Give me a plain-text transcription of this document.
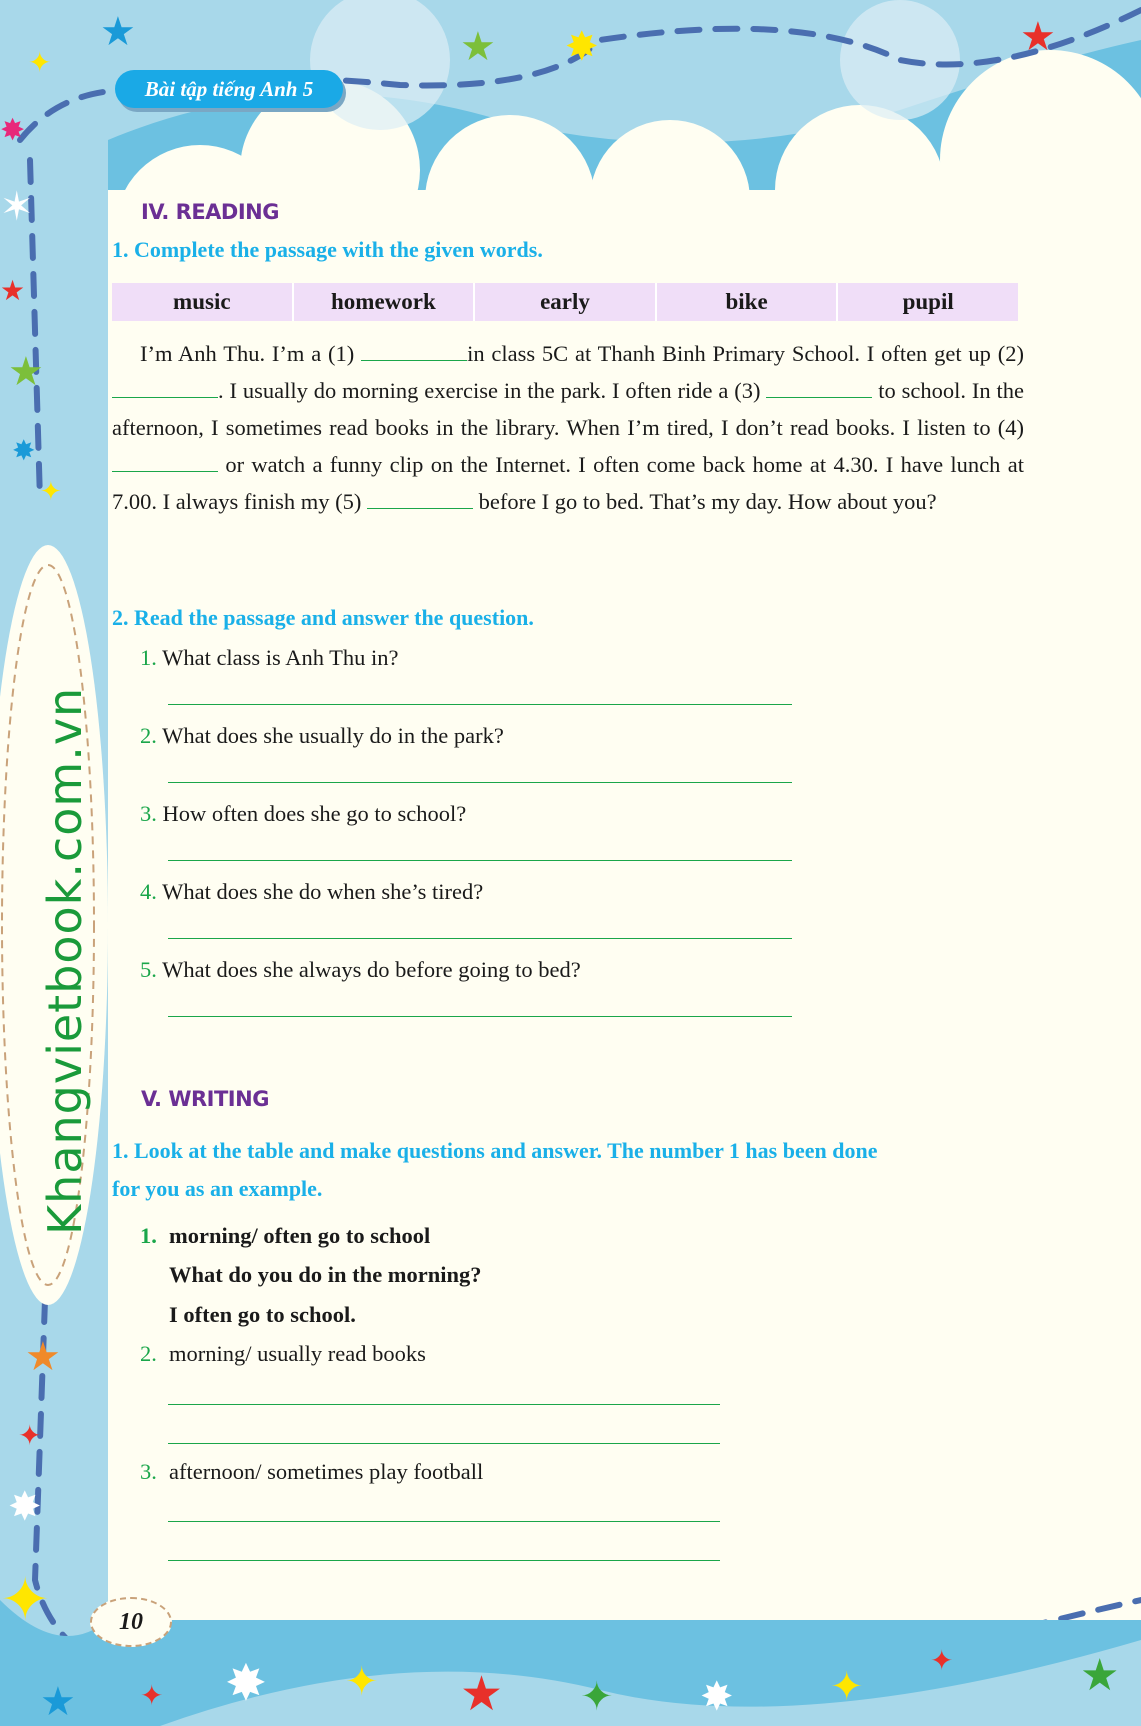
★	★ ✸	★
✦
✸
✶
★
★
✸
✦
★
✦
✸
✦
★ ✦ ✸ ✦ ★ ✦ ✸ ✦
✦	★
Bài tập tiếng Anh 5
IV. READING
1. Complete the passage with the given words.
music	homework	early	bike	pupil

I’m Anh Thu. I’m a (1)	in class 5C at Thanh Binh Primary School. I often get up (2) . I usually do morning exercise in the park. I often ride a (3)	to school. In the afternoon, I sometimes read books in the library. When I’m tired, I don’t read books. I listen to (4)  or watch a funny clip on the Internet. I often come back home at 4.30. I have lunch at 7.00. I always finish my (5)	before I go to bed. That’s my day. How about you?

2. Read the passage and answer the question.
1. What class is Anh Thu in?
2. What does she usually do in the park?
3. How often does she go to school?
4. What does she do when she’s tired?
5. What does she always do before going to bed?
V. WRITING
1. Look at the table and make questions and answer. The number 1 has been done
for you as an example.
1. morning/ often go to school
What do you do in the morning?
I often go to school.
2. morning/ usually read books
3. afternoon/ sometimes play football
Khangvietbook.com.vn
10
